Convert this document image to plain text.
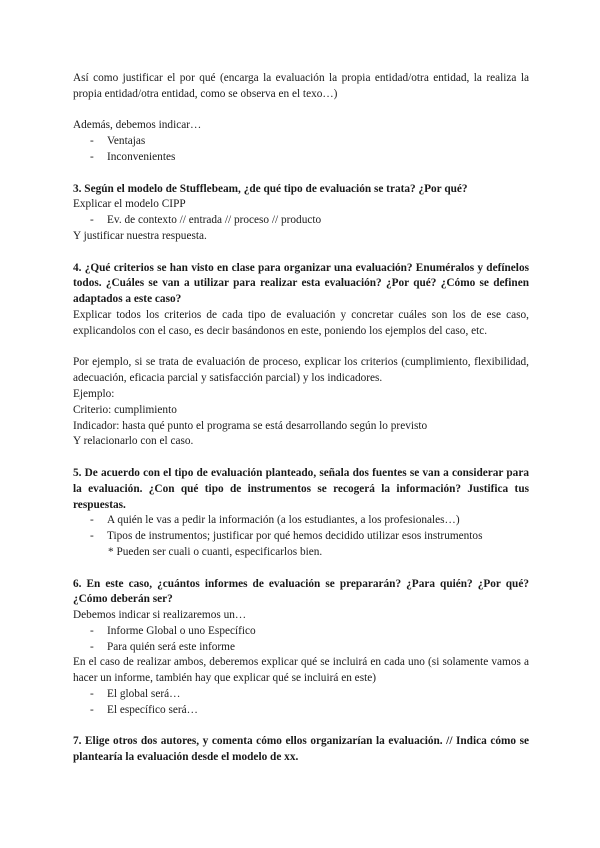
Así como justificar el por qué (encarga la evaluación la propia entidad/otra entidad, la realiza la propia entidad/otra entidad, como se observa en el texo…)

Además, debemos indicar…

- Ventajas
- Inconvenientes

3. Según el modelo de Stufflebeam, ¿de qué tipo de evaluación se trata? ¿Por qué?

Explicar el modelo CIPP

- Ev. de contexto // entrada // proceso // producto

Y justificar nuestra respuesta.

4. ¿Qué criterios se han visto en clase para organizar una evaluación? Enuméralos y defínelos todos. ¿Cuáles se van a utilizar para realizar esta evaluación? ¿Por qué? ¿Cómo se definen adaptados a este caso?

Explicar todos los criterios de cada tipo de evaluación y concretar cuáles son los de ese caso, explicandolos con el caso, es decir basándonos en este, poniendo los ejemplos del caso, etc.

Por ejemplo, si se trata de evaluación de proceso, explicar los criterios (cumplimiento, flexibilidad, adecuación, eficacia parcial y satisfacción parcial) y los indicadores.

Ejemplo:

Criterio: cumplimiento

Indicador: hasta qué punto el programa se está desarrollando según lo previsto

Y relacionarlo con el caso.

5. De acuerdo con el tipo de evaluación planteado, señala dos fuentes se van a considerar para la evaluación. ¿Con qué tipo de instrumentos se recogerá la información? Justifica tus respuestas.

- A quién le vas a pedir la información (a los estudiantes, a los profesionales…)
- Tipos de instrumentos; justificar por qué hemos decidido utilizar esos instrumentos

* Pueden ser cuali o cuanti, especificarlos bien.

6. En este caso, ¿cuántos informes de evaluación se prepararán? ¿Para quién? ¿Por qué? ¿Cómo deberán ser?

Debemos indicar si realizaremos un…

- Informe Global o uno Específico
- Para quién será este informe

En el caso de realizar ambos, deberemos explicar qué se incluirá en cada uno (si solamente vamos a hacer un informe, también hay que explicar qué se incluirá en este)

- El global será…
- El específico será…

7. Elige otros dos autores, y comenta cómo ellos organizarían la evaluación. // Indica cómo se plantearía la evaluación desde el modelo de xx.
